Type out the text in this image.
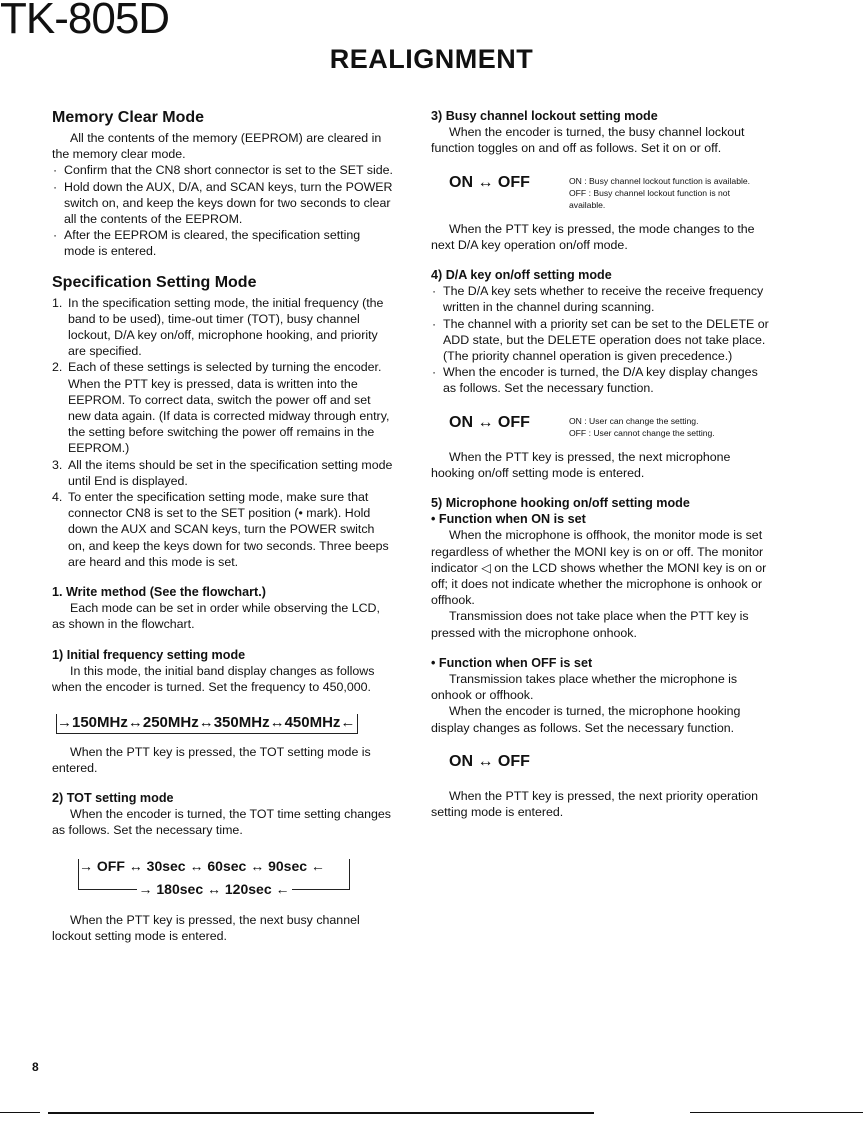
TK-805D
REALIGNMENT
Memory Clear Mode

All the contents of the memory (EEPROM) are cleared in the memory clear mode.

· Confirm that the CN8 short connector is set to the SET side.

· Hold down the AUX, D/A, and SCAN keys, turn the POWER switch on, and keep the keys down for two seconds to clear all the contents of the EEPROM.

· After the EEPROM is cleared, the specification setting mode is entered.

Specification Setting Mode

1. In the specification setting mode, the initial frequency (the band to be used), time-out timer (TOT), busy channel lockout, D/A key on/off, microphone hooking, and priority are specified.

2. Each of these settings is selected by turning the encoder. When the PTT key is pressed, data is written into the EEPROM. To correct data, switch the power off and set new data again. (If data is corrected midway through entry, the setting before switching the power off remains in the EEPROM.)

3. All the items should be set in the specification setting mode until End is displayed.

4. To enter the specification setting mode, make sure that connector CN8 is set to the SET position (• mark). Hold down the AUX and SCAN keys, turn the POWER switch on, and keep the keys down for two seconds. Three beeps are heard and this mode is set.

1. Write method (See the flowchart.)

Each mode can be set in order while observing the LCD, as shown in the flowchart.

1) Initial frequency setting mode

In this mode, the initial band display changes as follows when the encoder is turned. Set the frequency to 450,000.

→150MHz↔250MHz↔350MHz↔450MHz←

When the PTT key is pressed, the TOT setting mode is entered.

2) TOT setting mode

When the encoder is turned, the TOT time setting changes as follows. Set the necessary time.

→ OFF ↔ 30sec ↔ 60sec ↔ 90sec ←
→ 180sec ↔ 120sec ←

When the PTT key is pressed, the next busy channel lockout setting mode is entered.

8

3) Busy channel lockout setting mode

When the encoder is turned, the busy channel lockout function toggles on and off as follows. Set it on or off.

ON ↔ OFF	ON : Busy channel lockout function is available.
OFF : Busy channel lockout function is not available.

When the PTT key is pressed, the mode changes to the next D/A key operation on/off mode.

4) D/A key on/off setting mode

· The D/A key sets whether to receive the receive frequency written in the channel during scanning.

· The channel with a priority set can be set to the DELETE or ADD state, but the DELETE operation does not take place. (The priority channel operation is given precedence.)

· When the encoder is turned, the D/A key display changes as follows. Set the necessary function.

ON ↔ OFF	ON : User can change the setting.
OFF : User cannot change the setting.

When the PTT key is pressed, the next microphone hooking on/off setting mode is entered.

5) Microphone hooking on/off setting mode

• Function when ON is set

When the microphone is offhook, the monitor mode is set regardless of whether the MONI key is on or off. The monitor indicator ◁ on the LCD shows whether the MONI key is on or off; it does not indicate whether the microphone is onhook or offhook.

Transmission does not take place when the PTT key is pressed with the microphone onhook.

• Function when OFF is set

Transmission takes place whether the microphone is onhook or offhook.

When the encoder is turned, the microphone hooking display changes as follows. Set the necessary function.

ON ↔ OFF

When the PTT key is pressed, the next priority operation setting mode is entered.
